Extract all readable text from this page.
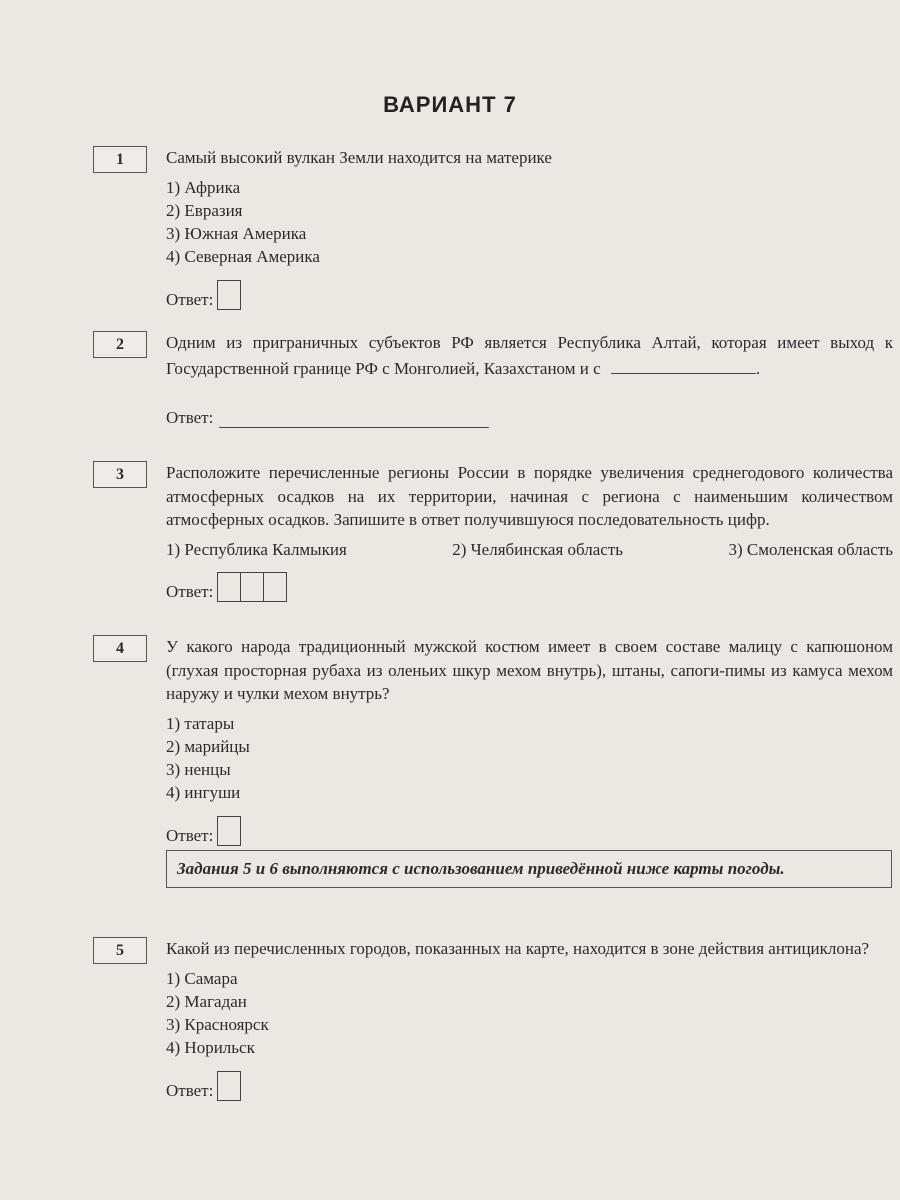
ВАРИАНТ 7
1	Самый высокий вулкан Земли находится на материке
1) Африка
2) Евразия
3) Южная Америка
4) Северная Америка
Ответ:
2	Одним из приграничных субъектов РФ является Республика Алтай, которая имеет выход к Государственной границе РФ с Монголией, Казахстаном и с	.
Ответ:
3	Расположите перечисленные регионы России в порядке увеличения среднегодового количества атмосферных осадков на их территории, начиная с региона с наименьшим количеством атмосферных осадков. Запишите в ответ получившуюся последовательность цифр.
1) Республика Калмыкия	2) Челябинская область	3) Смоленская область
Ответ:
4	У какого народа традиционный мужской костюм имеет в своем составе малицу с капюшоном (глухая просторная рубаха из оленьих шкур мехом внутрь), штаны, сапоги-пимы из камуса мехом наружу и чулки мехом внутрь?
1) татары
2) марийцы
3) ненцы
4) ингуши
Ответ:
Задания 5 и 6 выполняются с использованием приведённой ниже карты погоды.
5	Какой из перечисленных городов, показанных на карте, находится в зоне действия антициклона?
1) Самара
2) Магадан
3) Красноярск
4) Норильск
Ответ:
